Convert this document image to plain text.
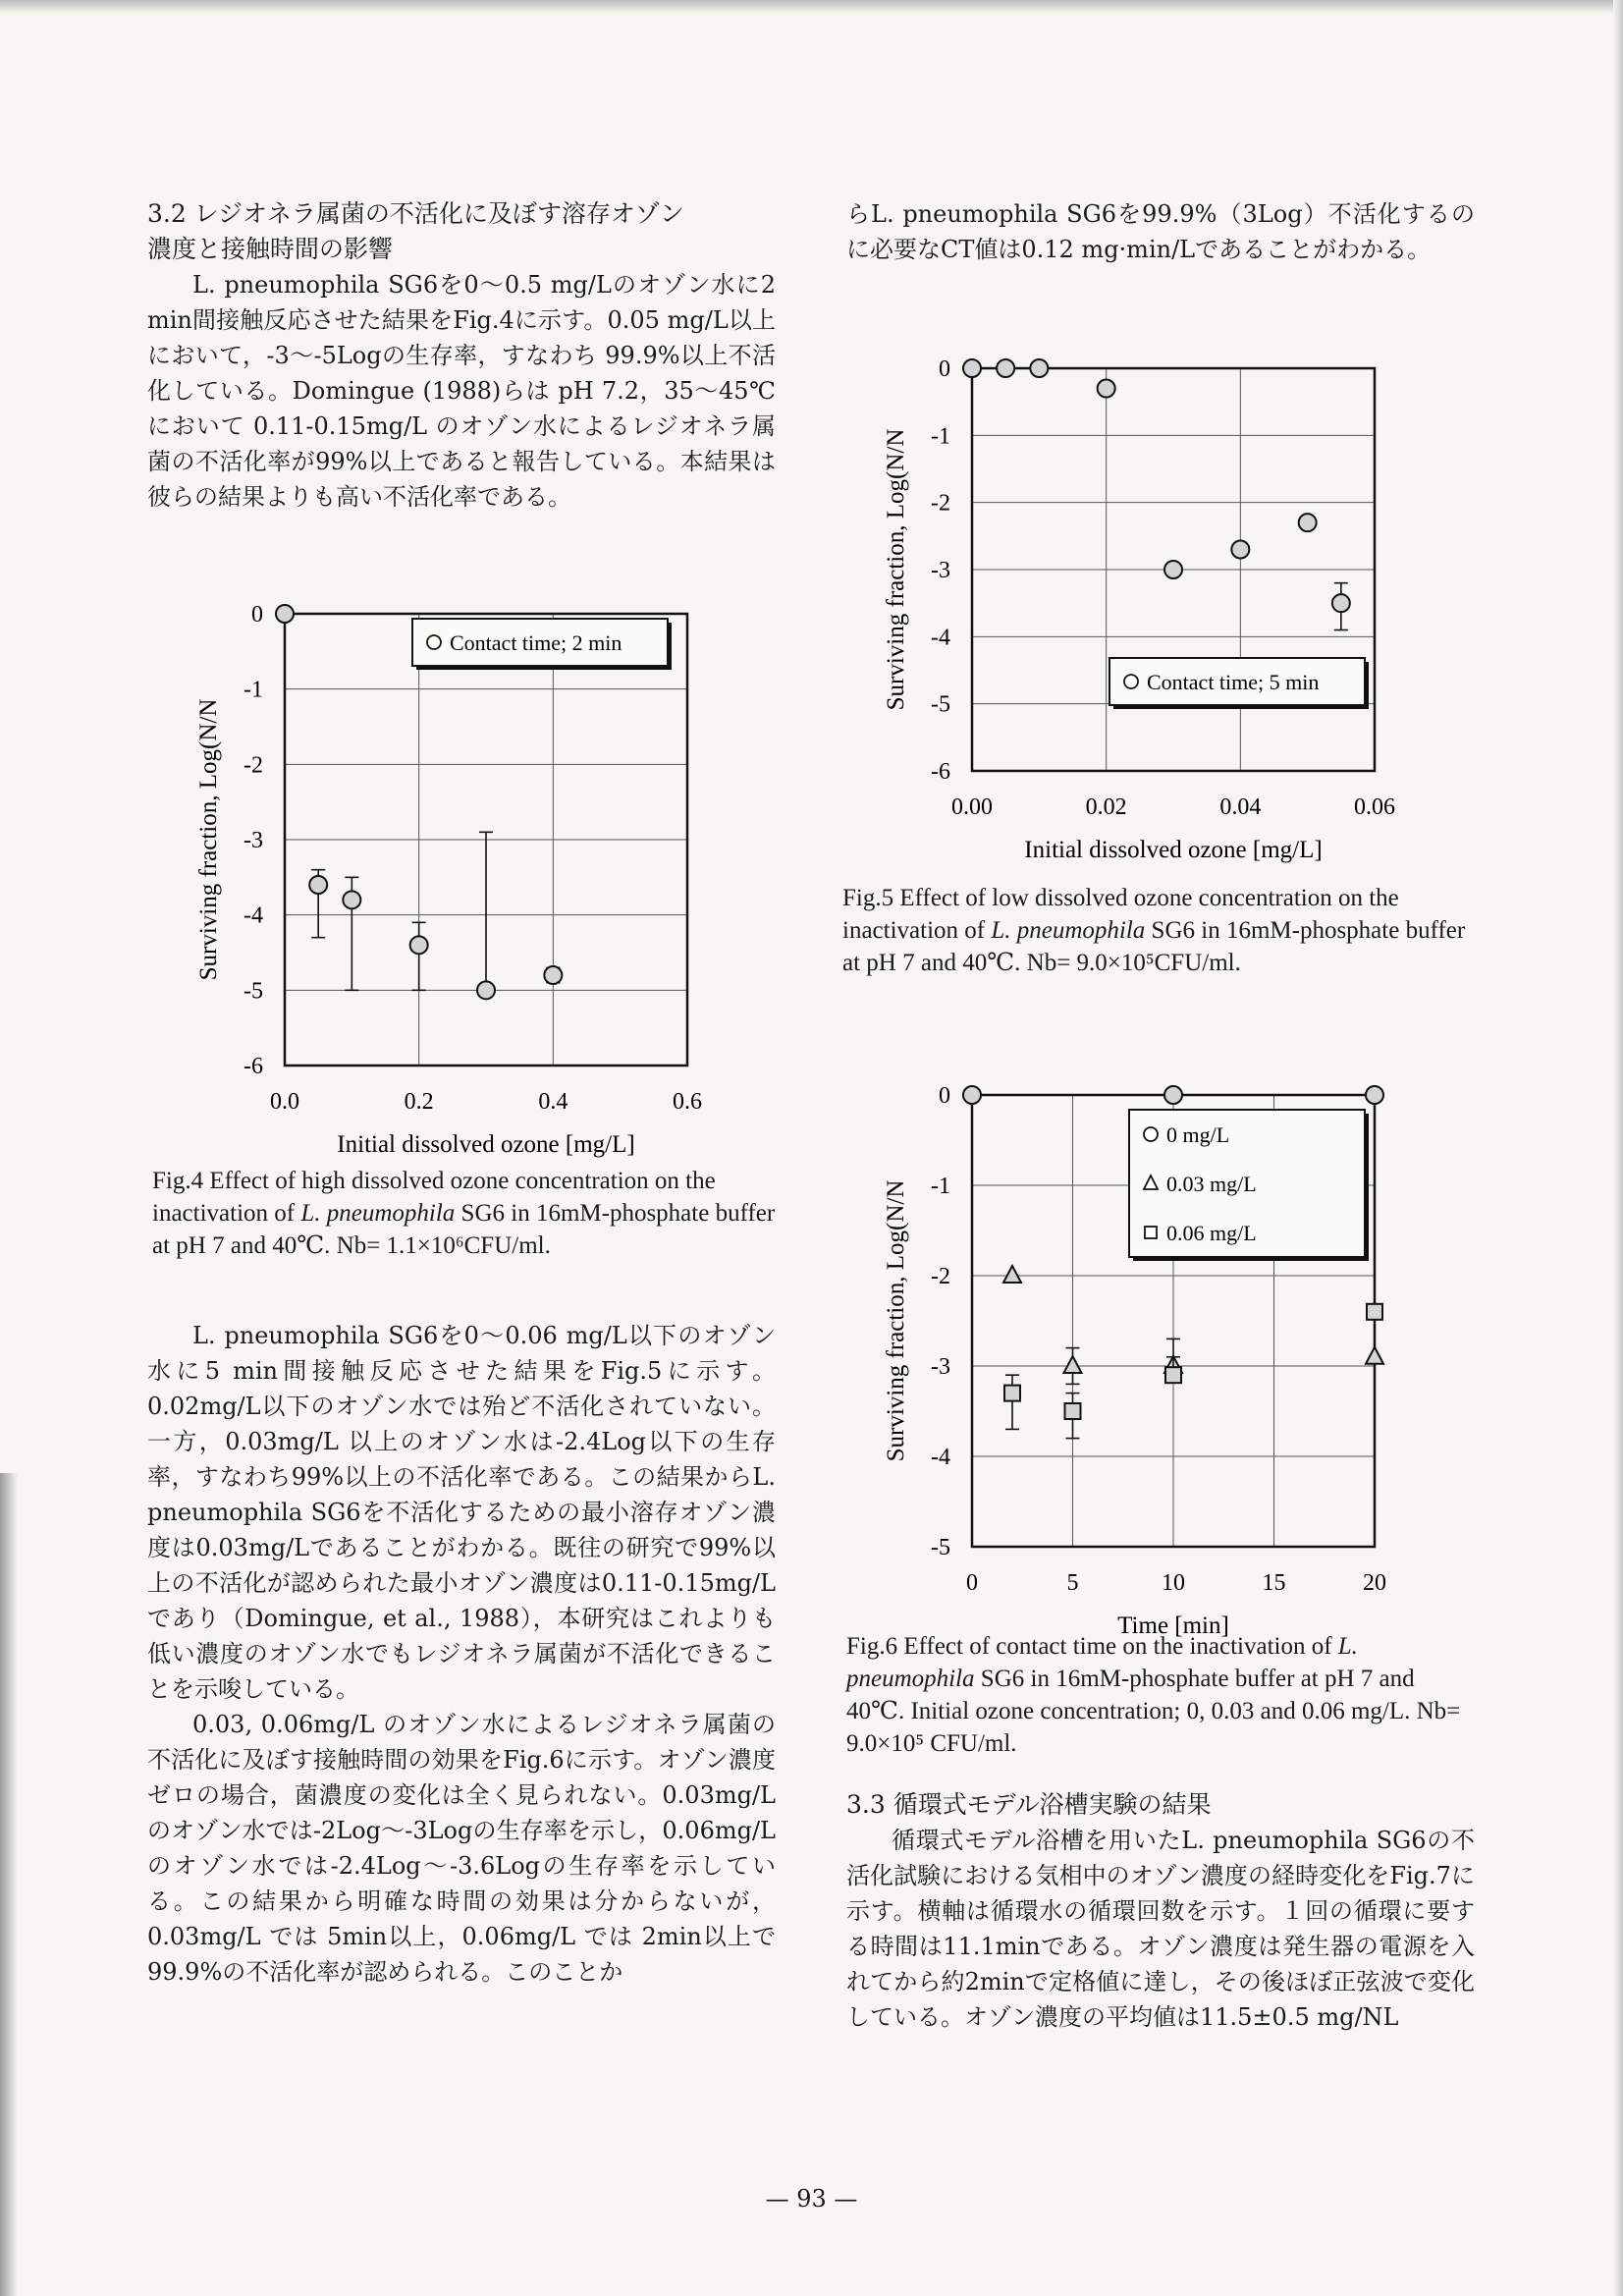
3.2 レジオネラ属菌の不活化に及ぼす溶存オゾン

濃度と接触時間の影響

L. pneumophila SG6を0〜0.5 mg/Lのオゾン水に2 min間接触反応させた結果をFig.4に示す。0.05 mg/L以上において，-3〜-5Logの生存率，すなわち 99.9%以上不活化している。Domingue (1988)らは pH 7.2，35〜45℃において 0.11-0.15mg/L のオゾン水によるレジオネラ属菌の不活化率が99%以上であると報告している。本結果は彼らの結果よりも高い不活化率である。

L. pneumophila SG6を0〜0.06 mg/L以下のオゾン水に5 min間接触反応させた結果をFig.5に示す。0.02mg/L以下のオゾン水では殆ど不活化されていない。一方，0.03mg/L 以上のオゾン水は-2.4Log以下の生存率，すなわち99%以上の不活化率である。この結果からL. pneumophila SG6を不活化するための最小溶存オゾン濃度は0.03mg/Lであることがわかる。既往の研究で99%以上の不活化が認められた最小オゾン濃度は0.11-0.15mg/Lであり（Domingue, et al., 1988），本研究はこれよりも低い濃度のオゾン水でもレジオネラ属菌が不活化できることを示唆している。

0.03, 0.06mg/L のオゾン水によるレジオネラ属菌の不活化に及ぼす接触時間の効果をFig.6に示す。オゾン濃度ゼロの場合，菌濃度の変化は全く見られない。0.03mg/L のオゾン水では-2Log〜-3Logの生存率を示し，0.06mg/Lのオゾン水では-2.4Log〜-3.6Logの生存率を示している。この結果から明確な時間の効果は分からないが，0.03mg/L では 5min以上，0.06mg/L では 2min以上で99.9%の不活化率が認められる。このことか

らL. pneumophila SG6を99.9%（3Log）不活化するのに必要なCT値は0.12 mg·min/Lであることがわかる。

0
-1
-2
-3
-4
-5
-6
0.0	0.2	0.4	0.6
Initial dissolved ozone [mg/L]
Surviving fraction, Log(N/N
Contact time; 2 min
Fig.4 Effect of high dissolved ozone concentration on the inactivation of L. pneumophila SG6 in 16mM-phosphate buffer at pH 7 and 40℃. Nb= 1.1×10⁶CFU/ml.
0
-1
-2
-3
-4
-5
-6
0.00	0.02	0.04	0.06
Initial dissolved ozone [mg/L]
Surviving fraction, Log(N/N	Contact time; 5 min
Fig.5 Effect of low dissolved ozone concentration on the inactivation of L. pneumophila SG6 in 16mM-phosphate buffer at pH 7 and 40℃. Nb= 9.0×10⁵CFU/ml.
0
-1
-2
-3
-4
-5
0	5	10	15	20
Time [min]
Surviving fraction, Log(N/N
0 mg/L
0.03 mg/L
0.06 mg/L
Fig.6 Effect of contact time on the inactivation of L. pneumophila SG6 in 16mM-phosphate buffer at pH 7 and 40℃. Initial ozone concentration; 0, 0.03 and 0.06 mg/L. Nb= 9.0×10⁵ CFU/ml.

3.3 循環式モデル浴槽実験の結果

循環式モデル浴槽を用いたL. pneumophila SG6の不活化試験における気相中のオゾン濃度の経時変化をFig.7に示す。横軸は循環水の循環回数を示す。１回の循環に要する時間は11.1minである。オゾン濃度は発生器の電源を入れてから約2minで定格値に達し，その後ほぼ正弦波で変化している。オゾン濃度の平均値は11.5±0.5 mg/NL

— 93 —
